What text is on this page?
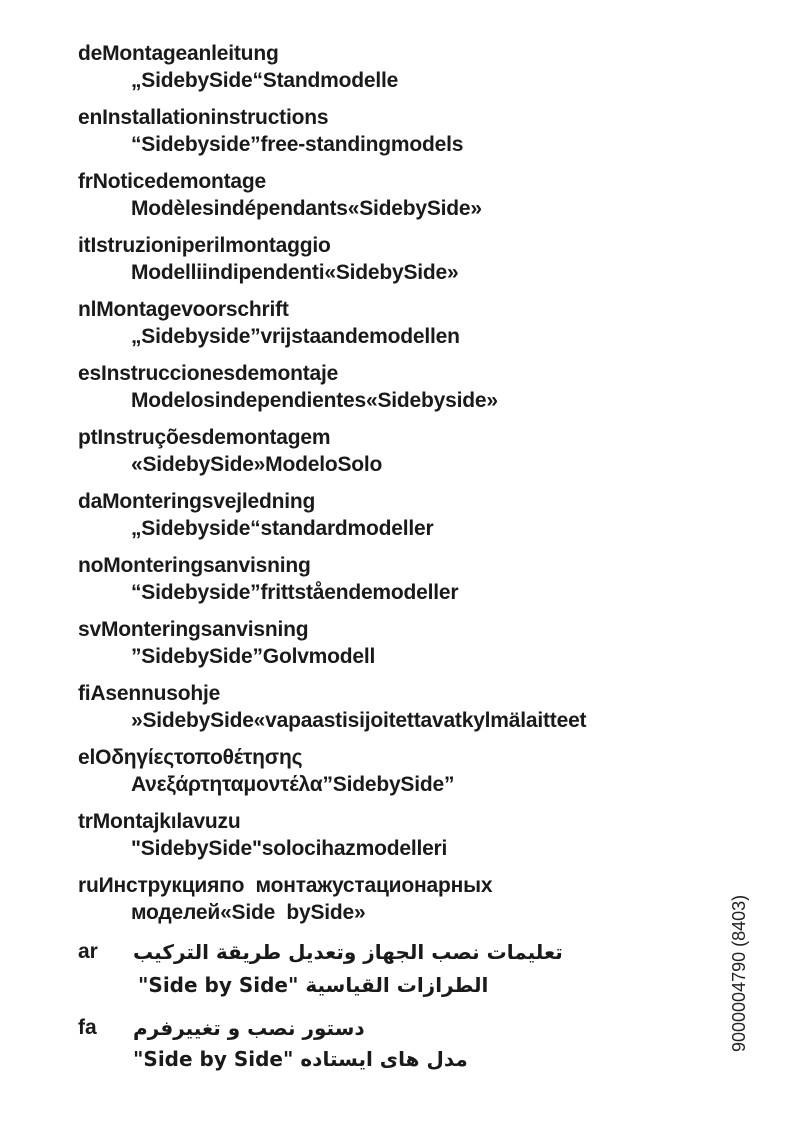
deMontageanleitung
„SidebySide“Standmodelle
enInstallationinstructions
“Sidebyside”free-standingmodels
frNoticedemontage
Modèlesindépendants«SidebySide»
itIstruzioniperilmontaggio
Modelliindipendenti«SidebySide»
nlMontagevoorschrift
„Sidebyside”vrijstaandemodellen
esInstruccionesdemontaje
Modelosindependientes«Sidebyside»
ptInstruçõesdemontagem
«SidebySide»ModeloSolo
daMonteringsvejledning
„Sidebyside“standardmodeller
noMonteringsanvisning
“Sidebyside”frittståendemodeller
svMonteringsanvisning
”SidebySide”Golvmodell
fiAsennusohje
»SidebySide«vapaastisijoitettavatkylmälaitteet
elΟδηγίεςτοποθέτησης
Ανεξάρτηταμοντέλα”SidebySide”
trMontajkılavuzu
"SidebySide"solocihazmodelleri
ruИнструкцияпо  монтажустационарных
моделей«Side  bySide»
ar تعليمات نصب الجهاز وتعديل طريقة التركيب
الطرازات القياسية "Side by Side"
fa دستور نصب و تغییرفرم
مدل های ایستاده "Side by Side"
9000004790 (8403)
